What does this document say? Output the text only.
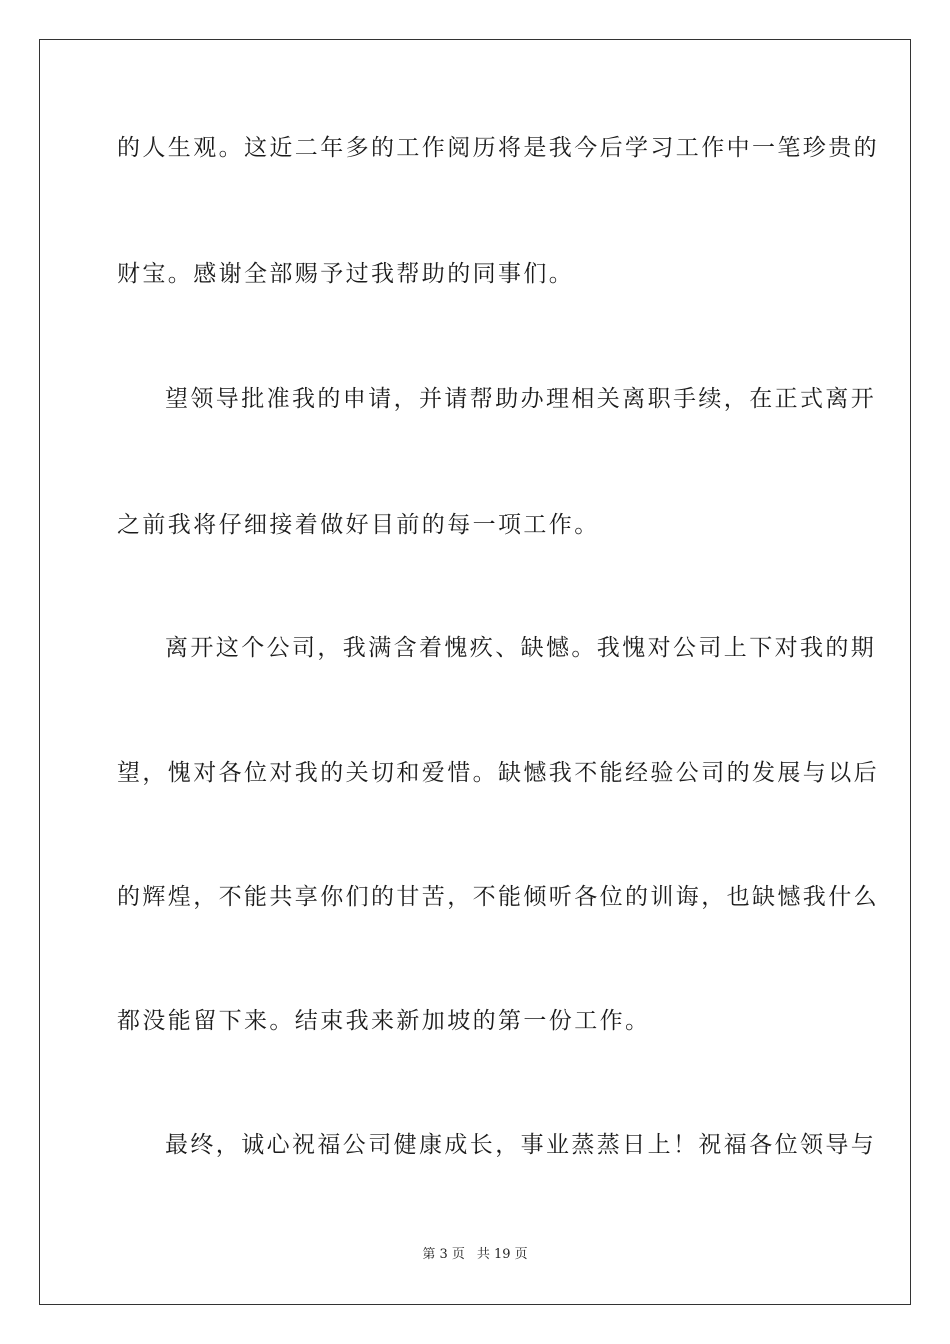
的人生观。这近二年多的工作阅历将是我今后学习工作中一笔珍贵的
财宝。感谢全部赐予过我帮助的同事们。
望领导批准我的申请，并请帮助办理相关离职手续，在正式离开
之前我将仔细接着做好目前的每一项工作。
离开这个公司，我满含着愧疚、缺憾。我愧对公司上下对我的期
望，愧对各位对我的关切和爱惜。缺憾我不能经验公司的发展与以后
的辉煌，不能共享你们的甘苦，不能倾听各位的训诲，也缺憾我什么
都没能留下来。结束我来新加坡的第一份工作。
最终，诚心祝福公司健康成长，事业蒸蒸日上！祝福各位领导与
第 3 页 共 19 页
